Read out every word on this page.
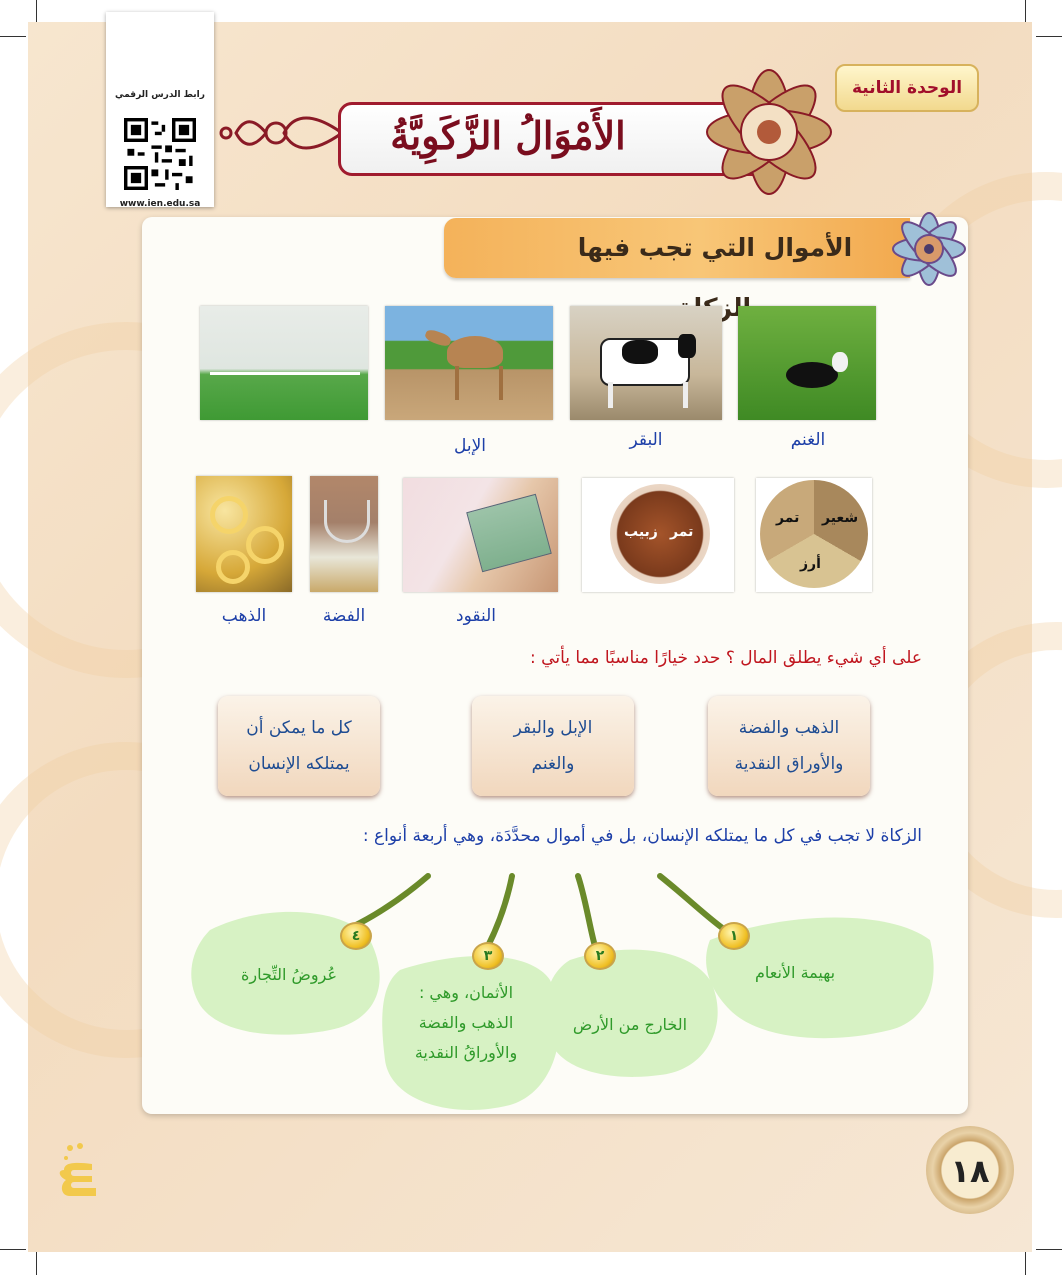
رابط الدرس الرقمي
www.ien.edu.sa
الوحدة الثانية
الأَمْوَالُ الزَّكَوِيَّةُ
الأموال التي تجب فيها
الغنم
البقر
الإبل
شعير
تمر
أرز
تمر
زبيب
النقود
الفضة
الذهب
على أي شيء يطلق المال ؟ حدد خيارًا مناسبًا مما يأتي :
الذهب والفضة
والأوراق النقدية
الإبل والبقر
والغنم
كل ما يمكن أن
يمتلكه الإنسان
الزكاة لا تجب في كل ما يمتلكه الإنسان، بل في أموال محدَّدَة، وهي أربعة أنواع :
١
٢
٣
٤
بهيمة الأنعام
الخارج من الأرض
الأثمان، وهي :
الذهب والفضة
والأوراقُ النقدية
عُروضُ التِّجارة
١٨
